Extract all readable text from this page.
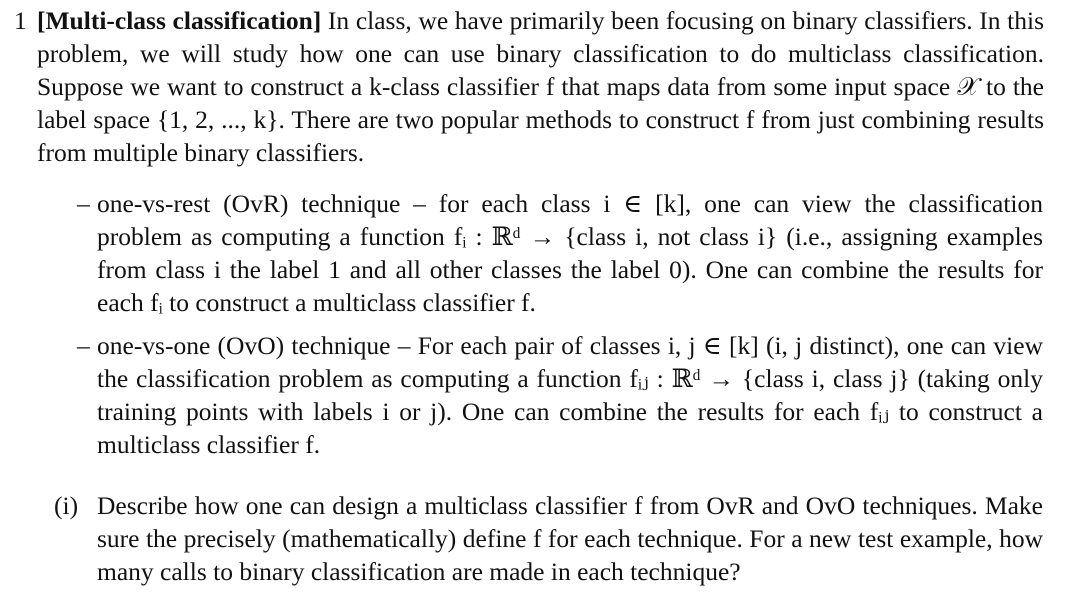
1 [Multi-class classification] In class, we have primarily been focusing on binary classifiers. In this problem, we will study how one can use binary classification to do multiclass classification. Suppose we want to construct a k-class classifier f that maps data from some input space 𝒳 to the label space {1, 2, ..., k}. There are two popular methods to construct f from just combining results from multiple binary classifiers.
– one-vs-rest (OvR) technique – for each class i ∈ [k], one can view the classification problem as computing a function fᵢ : ℝᵈ → {class i, not class i} (i.e., assigning examples from class i the label 1 and all other classes the label 0). One can combine the results for each fᵢ to construct a multiclass classifier f.
– one-vs-one (OvO) technique – For each pair of classes i, j ∈ [k] (i, j distinct), one can view the classification problem as computing a function fᵢⱼ : ℝᵈ → {class i, class j} (taking only training points with labels i or j). One can combine the results for each fᵢⱼ to construct a multiclass classifier f.
(i) Describe how one can design a multiclass classifier f from OvR and OvO techniques. Make sure the precisely (mathematically) define f for each technique. For a new test example, how many calls to binary classification are made in each technique?
